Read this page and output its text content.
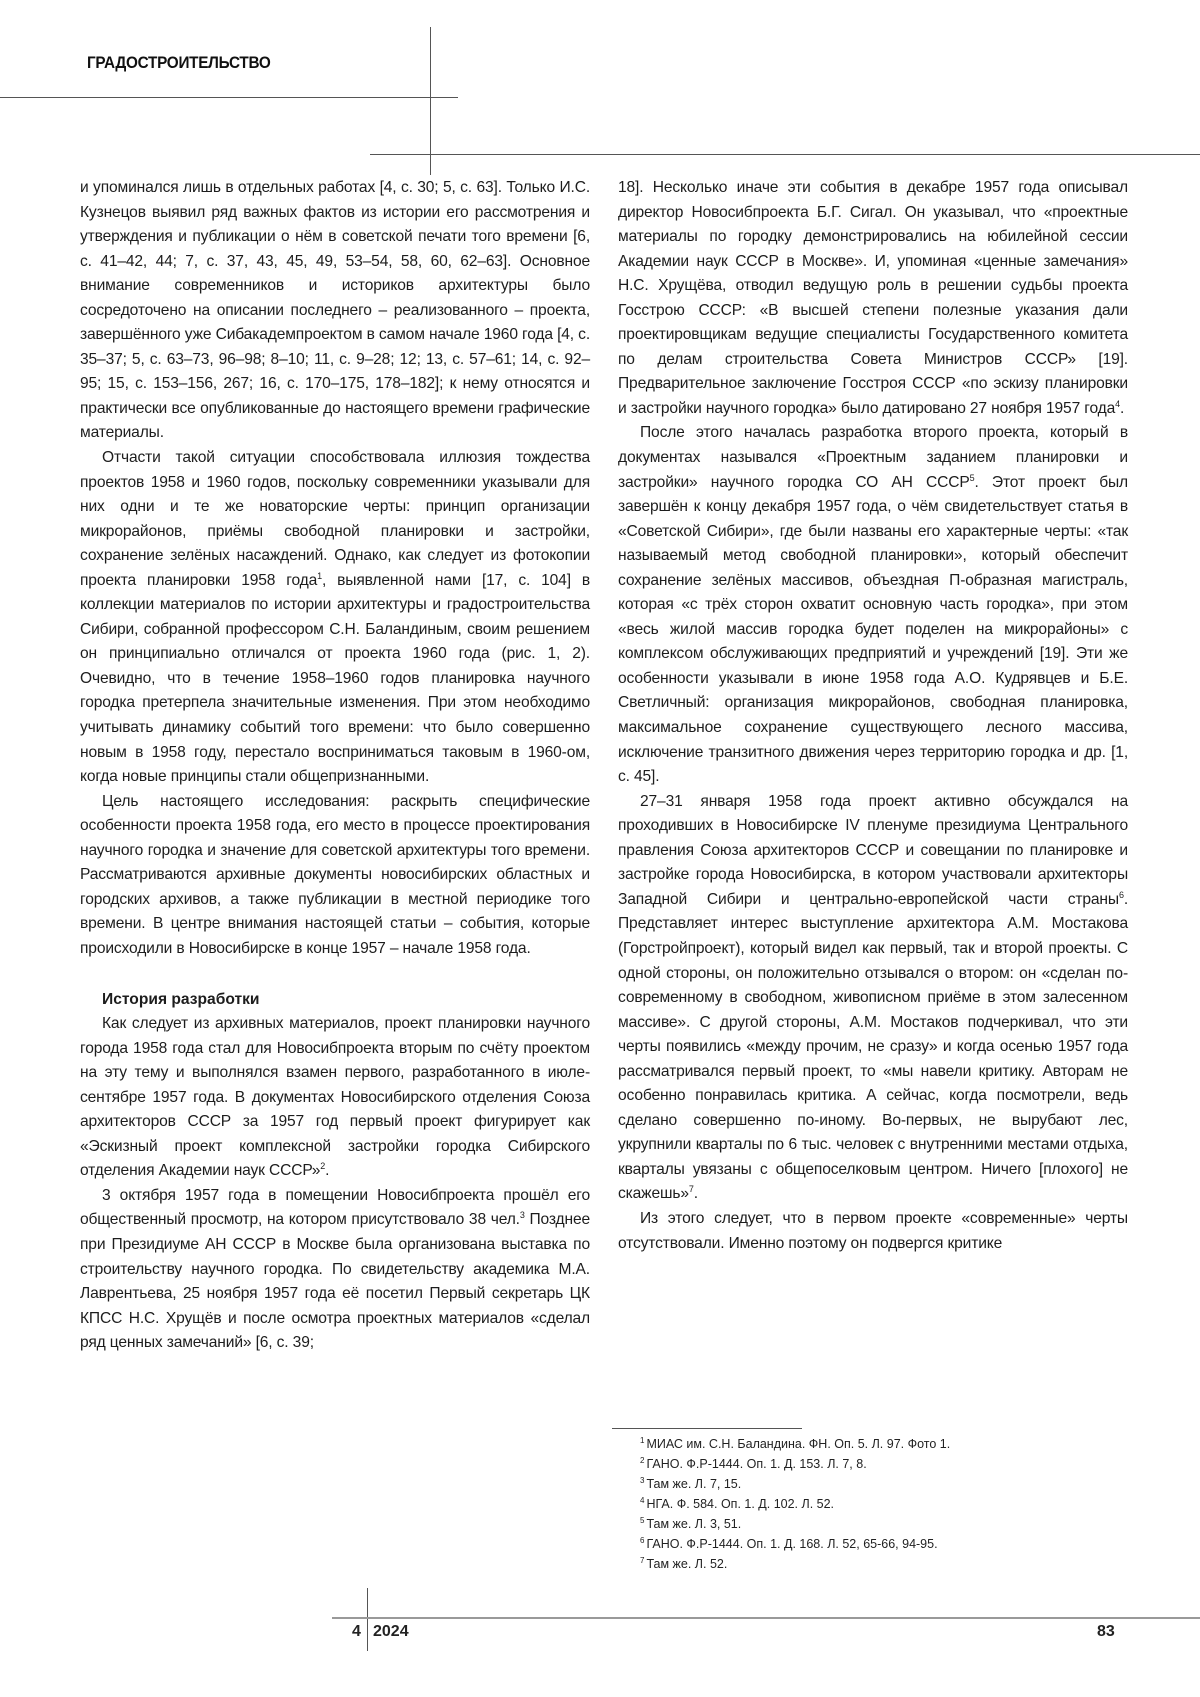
ГРАДОСТРОИТЕЛЬСТВО

и упоминался лишь в отдельных работах [4, с. 30; 5, с. 63]. Только И.С. Кузнецов выявил ряд важных фактов из истории его рассмотрения и утверждения и публикации о нём в советской печати того времени [6, с. 41–42, 44; 7, с. 37, 43, 45, 49, 53–54, 58, 60, 62–63]. Основное внимание современников и историков архитектуры было сосредоточено на описании последнего – реализованного – проекта, завершённого уже Сибакадемпроектом в самом начале 1960 года [4, с. 35–37; 5, с. 63–73, 96–98; 8–10; 11, с. 9–28; 12; 13, с. 57–61; 14, с. 92–95; 15, с. 153–156, 267; 16, с. 170–175, 178–182]; к нему относятся и практически все опубликованные до настоящего времени графические материалы.

Отчасти такой ситуации способствовала иллюзия тождества проектов 1958 и 1960 годов, поскольку современники указывали для них одни и те же новаторские черты: принцип организации микрорайонов, приёмы свободной планировки и застройки, сохранение зелёных насаждений. Однако, как следует из фотокопии проекта планировки 1958 года1, выявленной нами [17, с. 104] в коллекции материалов по истории архитектуры и градостроительства Сибири, собранной профессором С.Н. Баландиным, своим решением он принципиально отличался от проекта 1960 года (рис. 1, 2). Очевидно, что в течение 1958–1960 годов планировка научного городка претерпела значительные изменения. При этом необходимо учитывать динамику событий того времени: что было совершенно новым в 1958 году, перестало восприниматься таковым в 1960-ом, когда новые принципы стали общепризнанными.

Цель настоящего исследования: раскрыть специфические особенности проекта 1958 года, его место в процессе проектирования научного городка и значение для советской архитектуры того времени. Рассматриваются архивные документы новосибирских областных и городских архивов, а также публикации в местной периодике того времени. В центре внимания настоящей статьи – события, которые происходили в Новосибирске в конце 1957 – начале 1958 года.

История разработки

Как следует из архивных материалов, проект планировки научного города 1958 года стал для Новосибпроекта вторым по счёту проектом на эту тему и выполнялся взамен первого, разработанного в июле-сентябре 1957 года. В документах Новосибирского отделения Союза архитекторов СССР за 1957 год первый проект фигурирует как «Эскизный проект комплексной застройки городка Сибирского отделения Академии наук СССР»2.

3 октября 1957 года в помещении Новосибпроекта прошёл его общественный просмотр, на котором присутствовало 38 чел.3 Позднее при Президиуме АН СССР в Москве была организована выставка по строительству научного городка. По свидетельству академика М.А. Лаврентьева, 25 ноября 1957 года её посетил Первый секретарь ЦК КПСС Н.С. Хрущёв и после осмотра проектных материалов «сделал ряд ценных замечаний» [6, с. 39;

18]. Несколько иначе эти события в декабре 1957 года описывал директор Новосибпроекта Б.Г. Сигал. Он указывал, что «проектные материалы по городку демонстрировались на юбилейной сессии Академии наук СССР в Москве». И, упоминая «ценные замечания» Н.С. Хрущёва, отводил ведущую роль в решении судьбы проекта Госстрою СССР: «В высшей степени полезные указания дали проектировщикам ведущие специалисты Государственного комитета по делам строительства Совета Министров СССР» [19]. Предварительное заключение Госстроя СССР «по эскизу планировки и застройки научного городка» было датировано 27 ноября 1957 года4.

После этого началась разработка второго проекта, который в документах назывался «Проектным заданием планировки и застройки» научного городка СО АН СССР5. Этот проект был завершён к концу декабря 1957 года, о чём свидетельствует статья в «Советской Сибири», где были названы его характерные черты: «так называемый метод свободной планировки», который обеспечит сохранение зелёных массивов, объездная П-образная магистраль, которая «с трёх сторон охватит основную часть городка», при этом «весь жилой массив городка будет поделен на микрорайоны» с комплексом обслуживающих предприятий и учреждений [19]. Эти же особенности указывали в июне 1958 года А.О. Кудрявцев и Б.Е. Светличный: организация микрорайонов, свободная планировка, максимальное сохранение существующего лесного массива, исключение транзитного движения через территорию городка и др. [1, с. 45].

27–31 января 1958 года проект активно обсуждался на проходивших в Новосибирске IV пленуме президиума Центрального правления Союза архитекторов СССР и совещании по планировке и застройке города Новосибирска, в котором участвовали архитекторы Западной Сибири и центрально-европейской части страны6. Представляет интерес выступление архитектора А.М. Мостакова (Горстройпроект), который видел как первый, так и второй проекты. С одной стороны, он положительно отзывался о втором: он «сделан по-современному в свободном, живописном приёме в этом залесенном массиве». С другой стороны, А.М. Мостаков подчеркивал, что эти черты появились «между прочим, не сразу» и когда осенью 1957 года рассматривался первый проект, то «мы навели критику. Авторам не особенно понравилась критика. А сейчас, когда посмотрели, ведь сделано совершенно по-иному. Во-первых, не вырубают лес, укрупнили кварталы по 6 тыс. человек с внутренними местами отдыха, кварталы увязаны с общепоселковым центром. Ничего [плохого] не скажешь»7.

Из этого следует, что в первом проекте «современные» черты отсутствовали. Именно поэтому он подвергся критике

1 МИАС им. С.Н. Баландина. ФН. Оп. 5. Л. 97. Фото 1.
2 ГАНО. Ф.Р-1444. Оп. 1. Д. 153. Л. 7, 8.
3 Там же. Л. 7, 15.
4 НГА. Ф. 584. Оп. 1. Д. 102. Л. 52.
5 Там же. Л. 3, 51.
6 ГАНО. Ф.Р-1444. Оп. 1. Д. 168. Л. 52, 65-66, 94-95.
7 Там же. Л. 52.
4 2024	83
